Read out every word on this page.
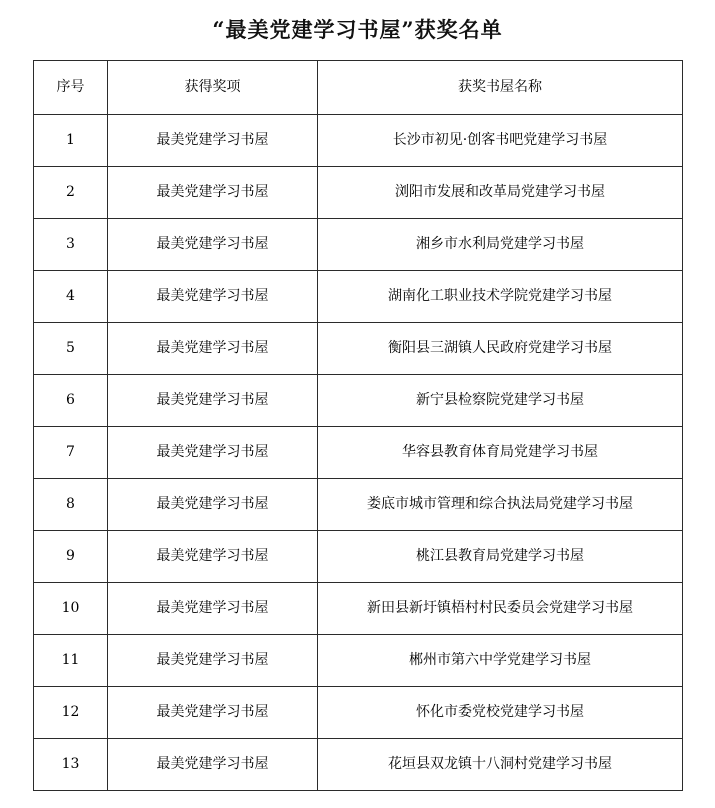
“最美党建学习书屋”获奖名单
序号	获得奖项	获奖书屋名称
1	最美党建学习书屋	长沙市初见·创客书吧党建学习书屋
2	最美党建学习书屋	浏阳市发展和改革局党建学习书屋
3	最美党建学习书屋	湘乡市水利局党建学习书屋
4	最美党建学习书屋	湖南化工职业技术学院党建学习书屋
5	最美党建学习书屋	衡阳县三湖镇人民政府党建学习书屋
6	最美党建学习书屋	新宁县检察院党建学习书屋
7	最美党建学习书屋	华容县教育体育局党建学习书屋
8	最美党建学习书屋	娄底市城市管理和综合执法局党建学习书屋
9	最美党建学习书屋	桃江县教育局党建学习书屋
10	最美党建学习书屋	新田县新圩镇梧村村民委员会党建学习书屋
11	最美党建学习书屋	郴州市第六中学党建学习书屋
12	最美党建学习书屋	怀化市委党校党建学习书屋
13	最美党建学习书屋	花垣县双龙镇十八洞村党建学习书屋
